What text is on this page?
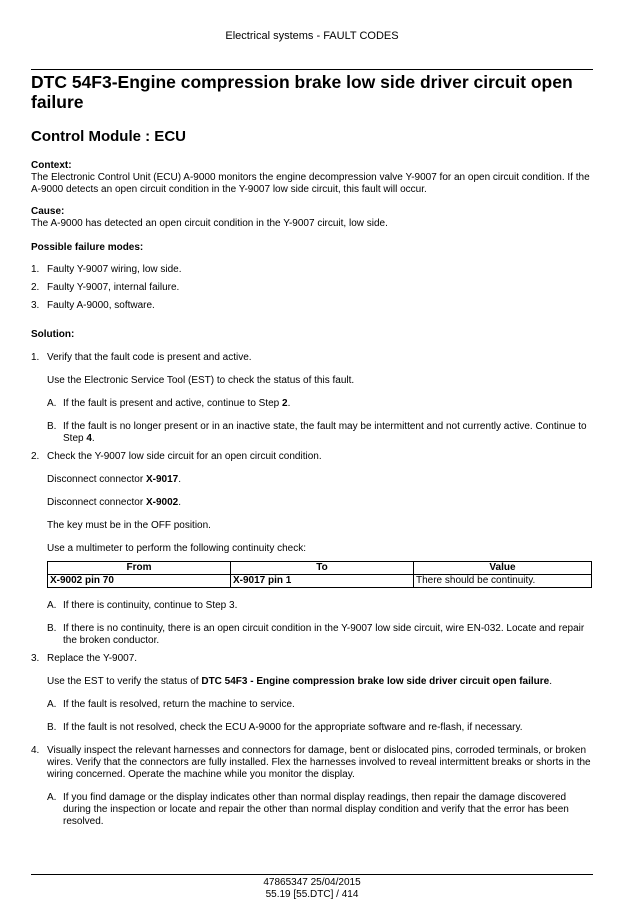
Electrical systems - FAULT CODES
DTC 54F3-Engine compression brake low side driver circuit open failure
Control Module : ECU

Context:

The Electronic Control Unit (ECU) A-9000 monitors the engine decompression valve Y-9007 for an open circuit condition. If the A-9000 detects an open circuit condition in the Y-9007 low side circuit, this fault will occur.

Cause:

The A-9000 has detected an open circuit condition in the Y-9007 circuit, low side.

Possible failure modes:

1. Faulty Y-9007 wiring, low side.
2. Faulty Y-9007, internal failure.
3. Faulty A-9000, software.

Solution:

1. Verify that the fault code is present and active.

Use the Electronic Service Tool (EST) to check the status of this fault.

A. If the fault is present and active, continue to Step 2.
B. If the fault is no longer present or in an inactive state, the fault may be intermittent and not currently active. Continue to Step 4.
2. Check the Y-9007 low side circuit for an open circuit condition.

Disconnect connector X-9017.

Disconnect connector X-9002.

The key must be in the OFF position.

Use a multimeter to perform the following continuity check:

From	To	Value
X-9002 pin 70	X-9017 pin 1	There should be continuity.
A. If there is continuity, continue to Step 3.
B. If there is no continuity, there is an open circuit condition in the Y-9007 low side circuit, wire EN-032. Locate and repair the broken conductor.
3. Replace the Y-9007.

Use the EST to verify the status of DTC 54F3 - Engine compression brake low side driver circuit open failure.

A. If the fault is resolved, return the machine to service.
B. If the fault is not resolved, check the ECU A-9000 for the appropriate software and re-flash, if necessary.
4. Visually inspect the relevant harnesses and connectors for damage, bent or dislocated pins, corroded terminals, or broken wires. Verify that the connectors are fully installed. Flex the harnesses involved to reveal intermittent breaks or shorts in the wiring concerned. Operate the machine while you monitor the display.

A. If you find damage or the display indicates other than normal display readings, then repair the damage discovered during the inspection or locate and repair the other than normal display condition and verify that the error has been resolved.
47865347 25/04/2015
55.19 [55.DTC] / 414
